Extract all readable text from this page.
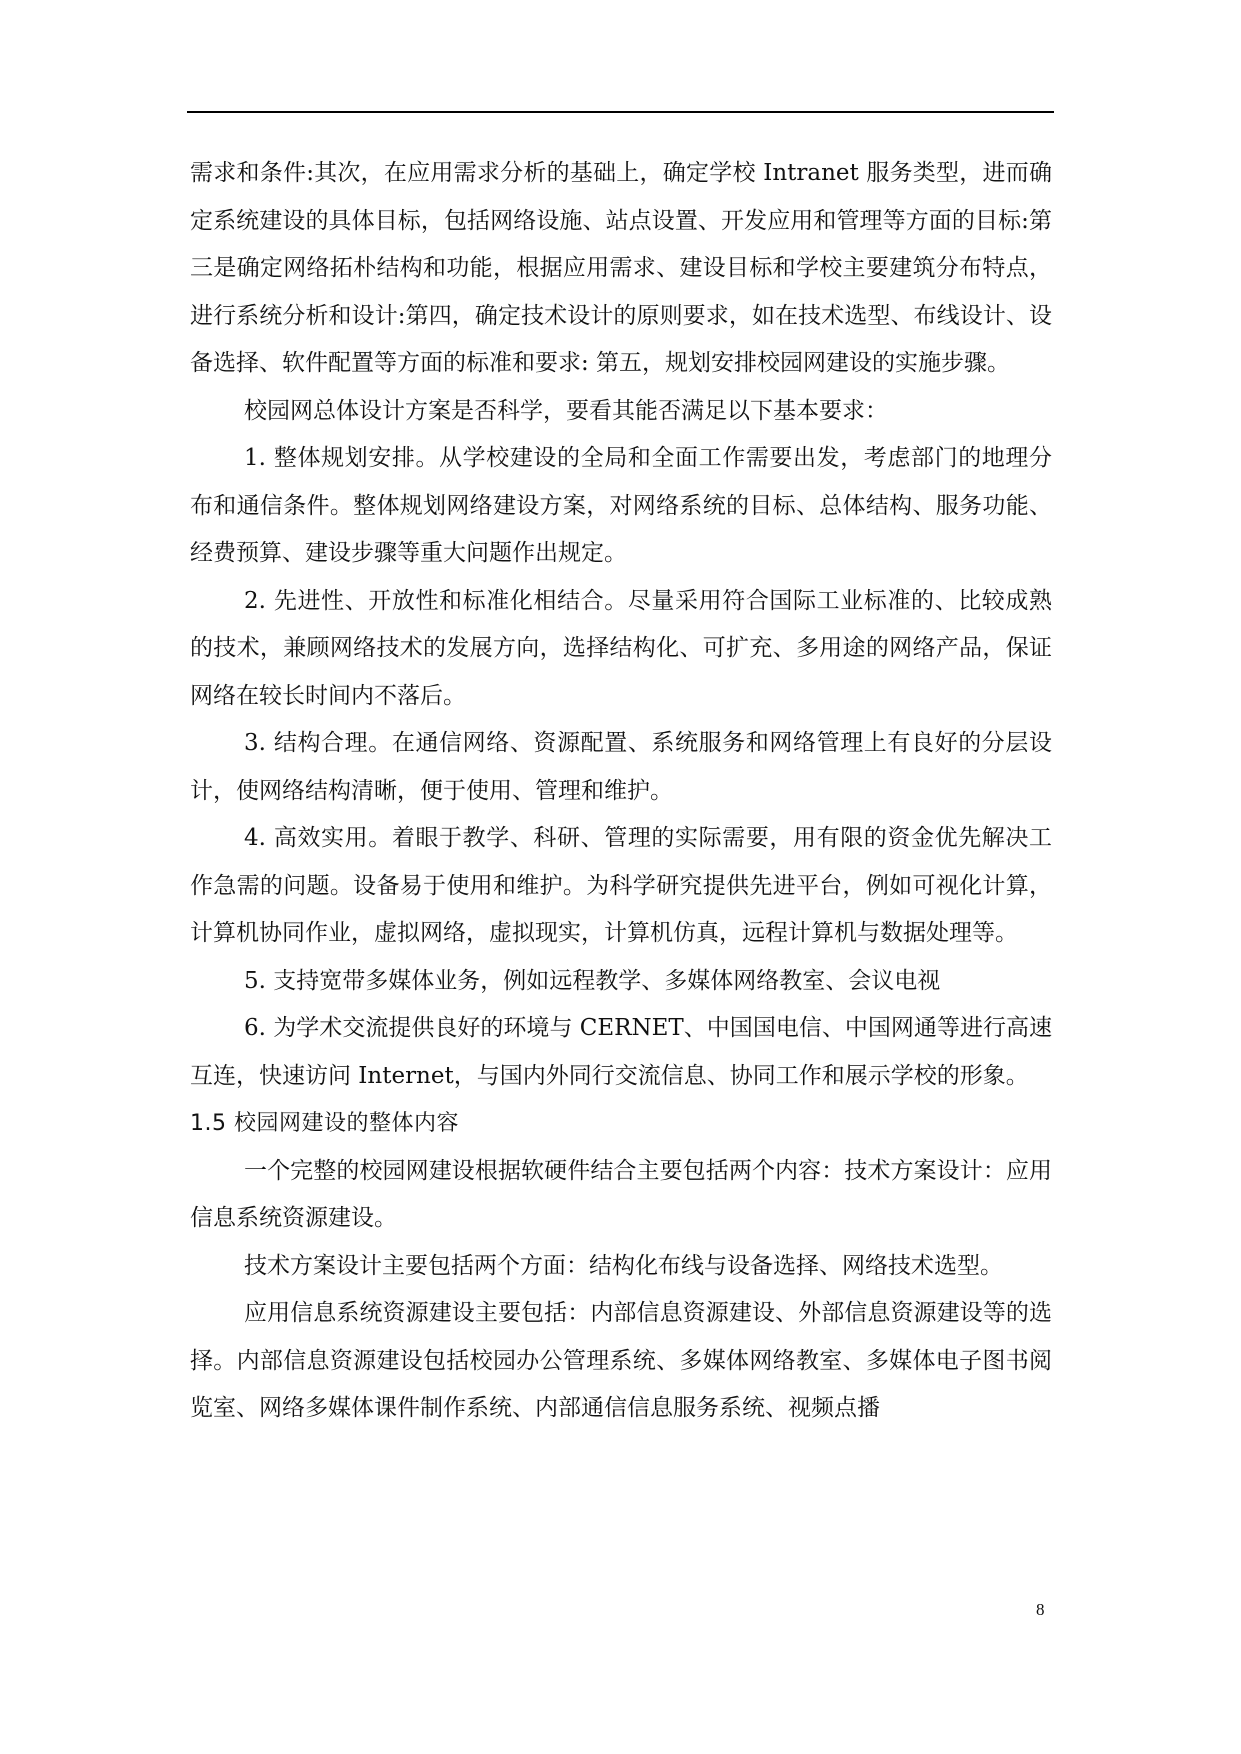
需求和条件:其次，在应用需求分析的基础上，确定学校 Intranet 服务类型，进而确定系统建设的具体目标，包括网络设施、站点设置、开发应用和管理等方面的目标:第三是确定网络拓朴结构和功能，根据应用需求、建设目标和学校主要建筑分布特点，进行系统分析和设计:第四，确定技术设计的原则要求，如在技术选型、布线设计、设备选择、软件配置等方面的标准和要求: 第五，规划安排校园网建设的实施步骤。

校园网总体设计方案是否科学，要看其能否满足以下基本要求：

1. 整体规划安排。从学校建设的全局和全面工作需要出发，考虑部门的地理分布和通信条件。整体规划网络建设方案，对网络系统的目标、总体结构、服务功能、经费预算、建设步骤等重大问题作出规定。

2. 先进性、开放性和标准化相结合。尽量采用符合国际工业标准的、比较成熟的技术，兼顾网络技术的发展方向，选择结构化、可扩充、多用途的网络产品，保证网络在较长时间内不落后。

3. 结构合理。在通信网络、资源配置、系统服务和网络管理上有良好的分层设计，使网络结构清晰，便于使用、管理和维护。

4. 高效实用。着眼于教学、科研、管理的实际需要，用有限的资金优先解决工作急需的问题。设备易于使用和维护。为科学研究提供先进平台，例如可视化计算，计算机协同作业，虚拟网络，虚拟现实，计算机仿真，远程计算机与数据处理等。

5. 支持宽带多媒体业务，例如远程教学、多媒体网络教室、会议电视

6. 为学术交流提供良好的环境与 CERNET、中国国电信、中国网通等进行高速互连，快速访问 Internet，与国内外同行交流信息、协同工作和展示学校的形象。

1.5 校园网建设的整体内容

一个完整的校园网建设根据软硬件结合主要包括两个内容：技术方案设计：应用信息系统资源建设。

技术方案设计主要包括两个方面：结构化布线与设备选择、网络技术选型。

应用信息系统资源建设主要包括：内部信息资源建设、外部信息资源建设等的选择。内部信息资源建设包括校园办公管理系统、多媒体网络教室、多媒体电子图书阅览室、网络多媒体课件制作系统、内部通信信息服务系统、视频点播

8
